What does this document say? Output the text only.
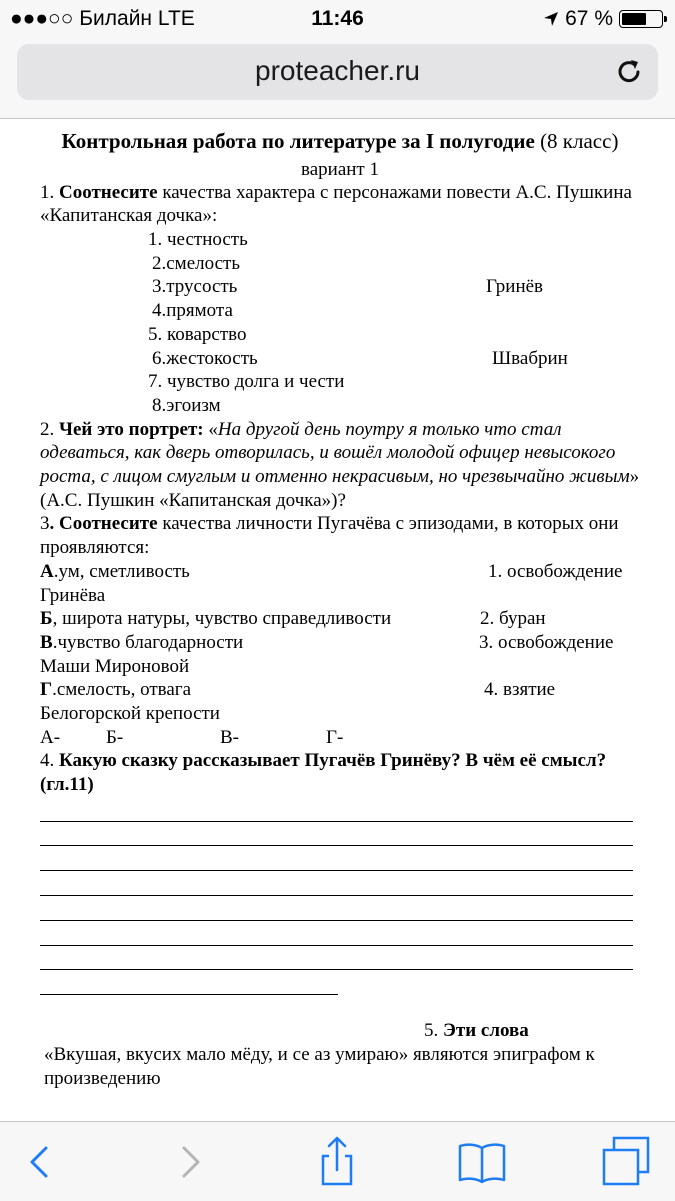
●●●○○ Билайн LTE	11:46	67 %
proteacher.ru
Контрольная работа по литературе за I полугодие (8 класс)
вариант 1
1. Соотнесите качества характера с персонажами повести А.С. Пушкина «Капитанская дочка»:
1. честность
2.смелость
3.трусость	Гринёв
4.прямота
5. коварство
6.жестокость	Швабрин
7. чувство долга и чести
8.эгоизм
2. Чей это портрет: «На другой день поутру я только что стал одеваться, как дверь отворилась, и вошёл молодой офицер невысокого роста, с лицом смуглым и отменно некрасивым, но чрезвычайно живым» (А.С. Пушкин «Капитанская дочка»)?
3. Соотнесите качества личности Пугачёва с эпизодами, в которых они проявляются:
А.ум, сметливость	1. освобождение
Гринёва
Б, широта натуры, чувство справедливости	2. буран
В.чувство благодарности	3. освобождение
Маши Мироновой
Г.смелость, отвага	4. взятие
Белогорской крепости
А- Б-	В-	Г-
4. Какую сказку рассказывает Пугачёв Гринёву? В чём её смысл? (гл.11)
5. Эти слова
«Вкушая, вкусих мало мёду, и се аз умираю» являются эпиграфом к произведению
